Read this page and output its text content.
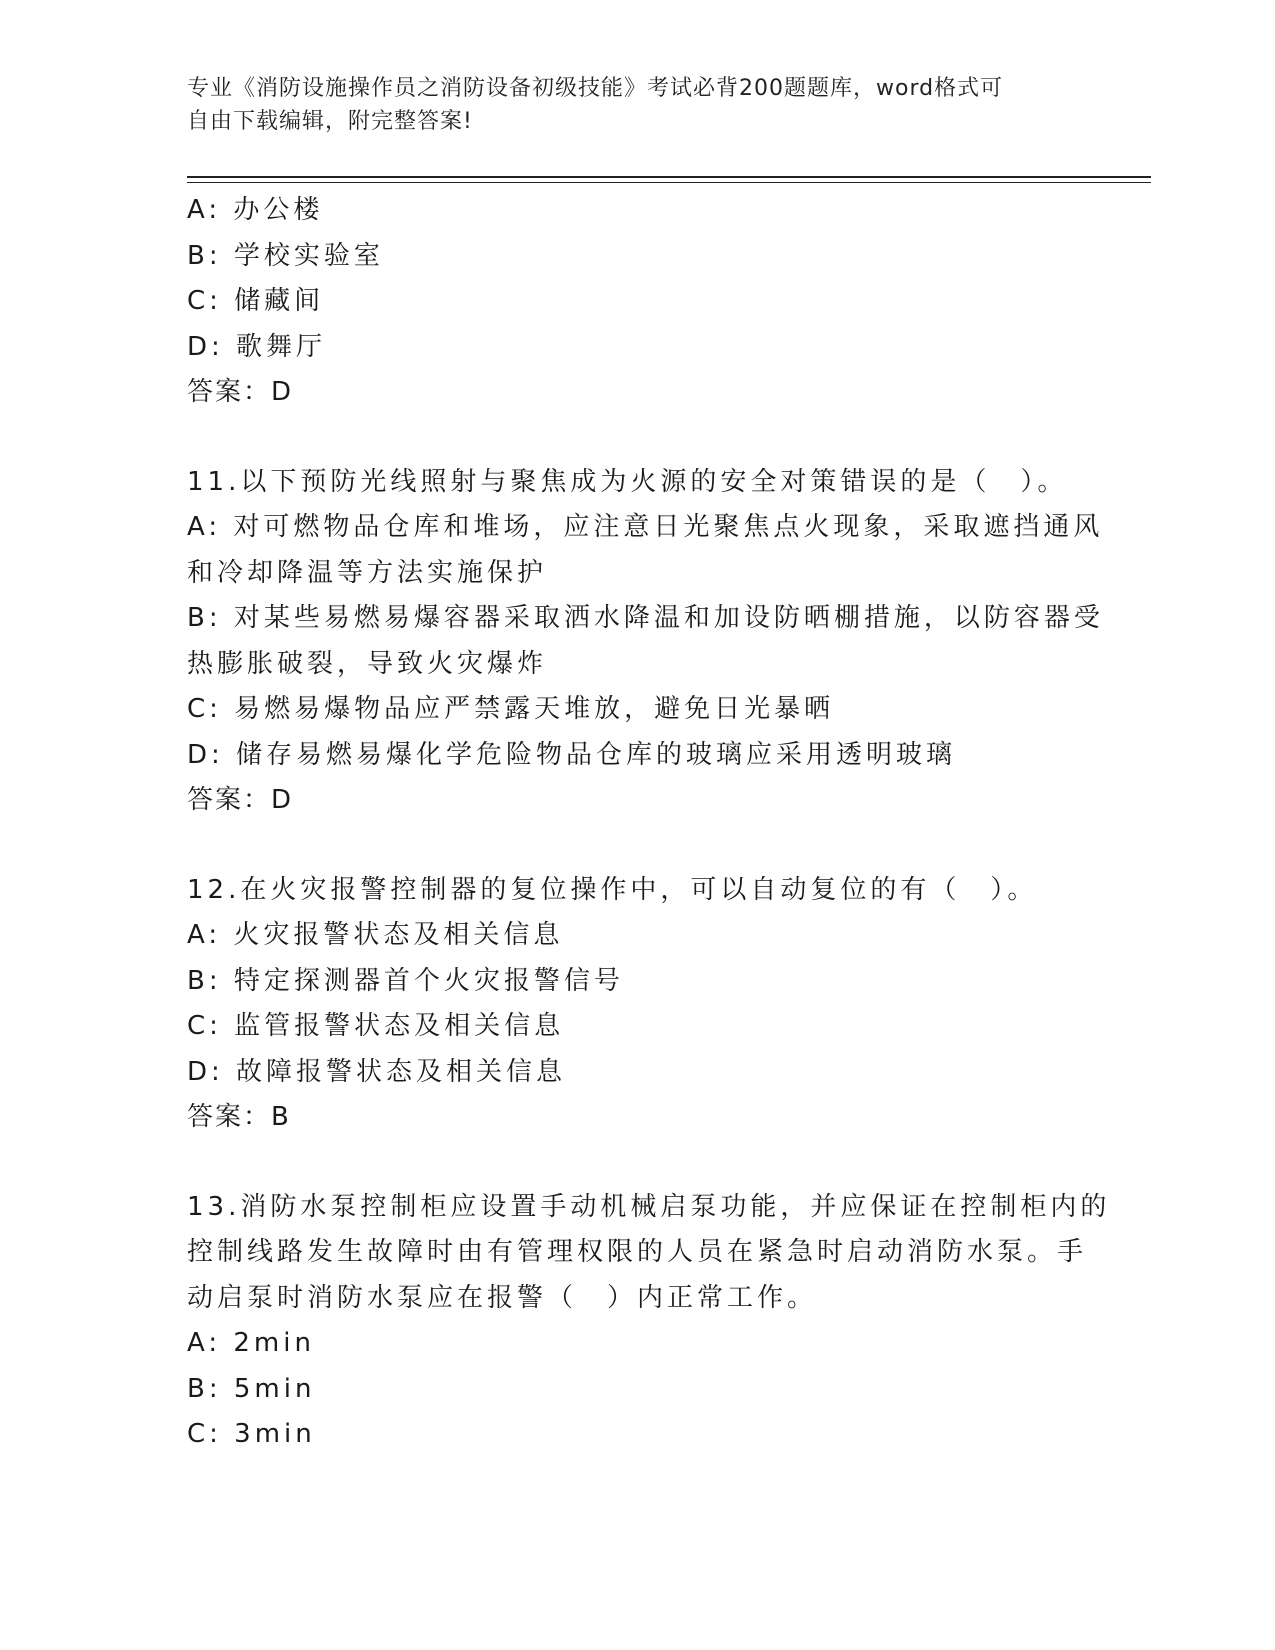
专业《消防设施操作员之消防设备初级技能》考试必背200题题库，word格式可
自由下载编辑，附完整答案!
A: 办公楼
B: 学校实验室
C: 储藏间
D: 歌舞厅
答案：D
11.以下预防光线照射与聚焦成为火源的安全对策错误的是（　）。
A: 对可燃物品仓库和堆场，应注意日光聚焦点火现象，采取遮挡通风
和冷却降温等方法实施保护
B: 对某些易燃易爆容器采取洒水降温和加设防晒棚措施，以防容器受
热膨胀破裂，导致火灾爆炸
C: 易燃易爆物品应严禁露天堆放，避免日光暴晒
D: 储存易燃易爆化学危险物品仓库的玻璃应采用透明玻璃
答案：D
12.在火灾报警控制器的复位操作中，可以自动复位的有（　）。
A: 火灾报警状态及相关信息
B: 特定探测器首个火灾报警信号
C: 监管报警状态及相关信息
D: 故障报警状态及相关信息
答案：B
13.消防水泵控制柜应设置手动机械启泵功能，并应保证在控制柜内的
控制线路发生故障时由有管理权限的人员在紧急时启动消防水泵。手
动启泵时消防水泵应在报警（　）内正常工作。
A: 2min
B: 5min
C: 3min
